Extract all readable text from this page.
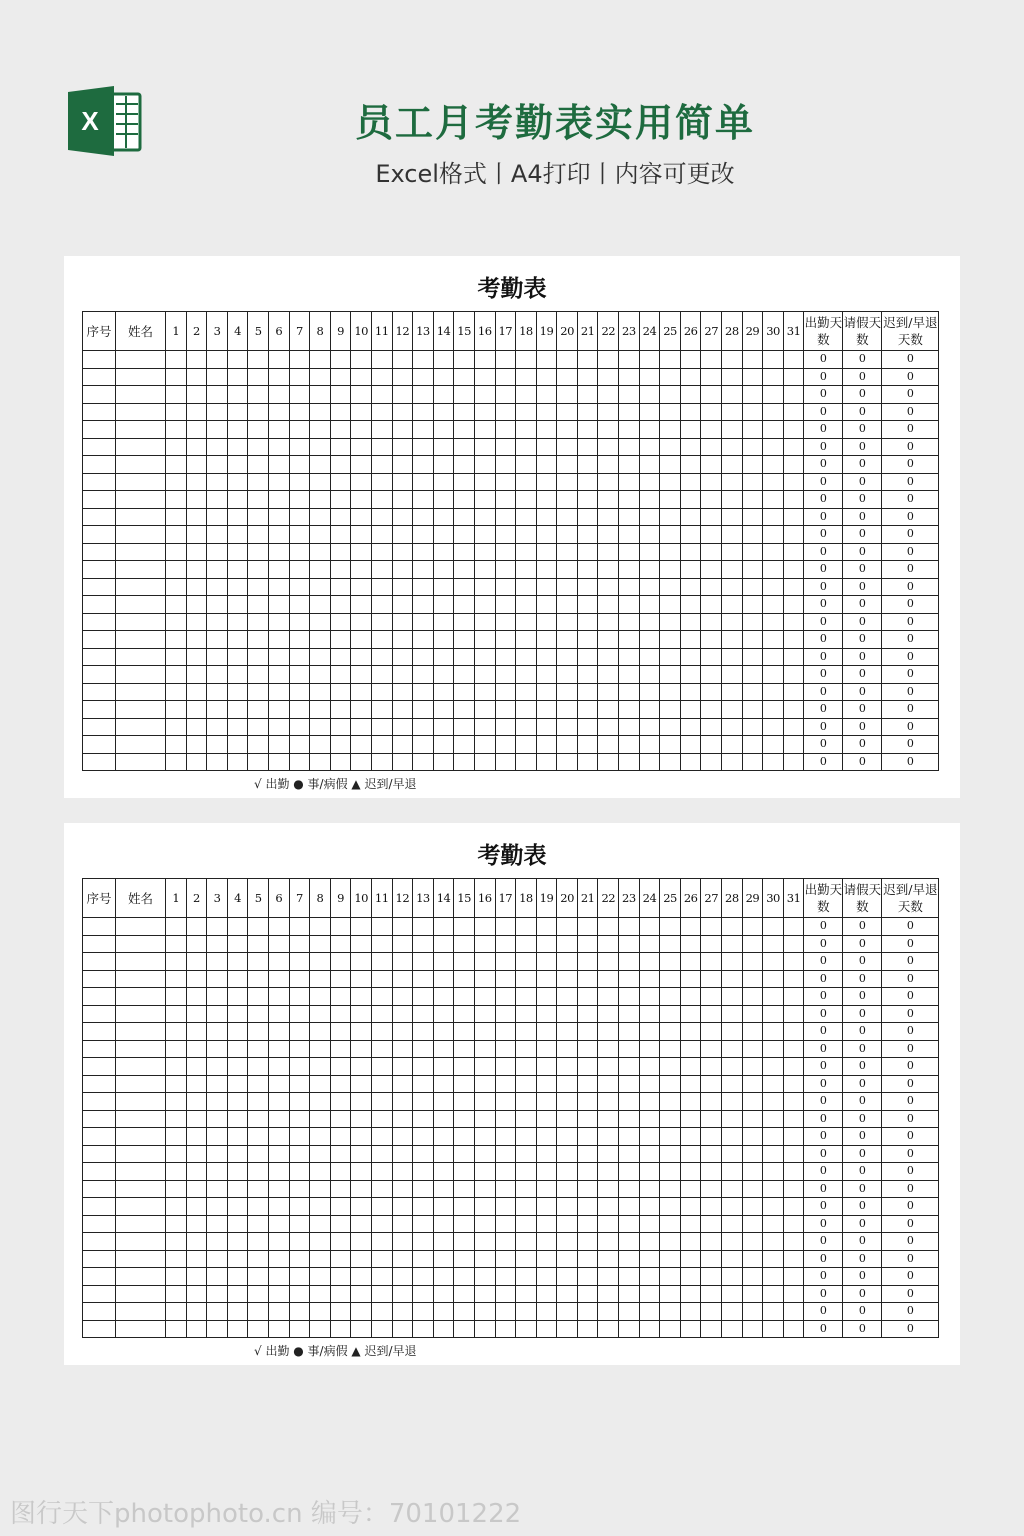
X	员工月考勤表实用简单
Excel格式丨A4打印丨内容可更改
考勤表
序号	姓名	1	2	3	4	5	6	7	8	9	10	11	12	13	14	15	16	17	18	19	20	21	22	23	24	25	26	27	28	29	30	31	出勤天数	请假天数	迟到/早退天数
																																	0	0	0
																																	0	0	0
																																	0	0	0
																																	0	0	0
																																	0	0	0
																																	0	0	0
																																	0	0	0
																																	0	0	0
																																	0	0	0
																																	0	0	0
																																	0	0	0
																																	0	0	0
																																	0	0	0
																																	0	0	0
																																	0	0	0
																																	0	0	0
																																	0	0	0
																																	0	0	0
																																	0	0	0
																																	0	0	0
																																	0	0	0
																																	0	0	0
																																	0	0	0
																																	0	0	0
√ 出勤 ● 事/病假 ▲ 迟到/早退
考勤表
序号	姓名	1	2	3	4	5	6	7	8	9	10	11	12	13	14	15	16	17	18	19	20	21	22	23	24	25	26	27	28	29	30	31	出勤天数	请假天数	迟到/早退天数
																																	0	0	0
																																	0	0	0
																																	0	0	0
																																	0	0	0
																																	0	0	0
																																	0	0	0
																																	0	0	0
																																	0	0	0
																																	0	0	0
																																	0	0	0
																																	0	0	0
																																	0	0	0
																																	0	0	0
																																	0	0	0
																																	0	0	0
																																	0	0	0
																																	0	0	0
																																	0	0	0
																																	0	0	0
																																	0	0	0
																																	0	0	0
																																	0	0	0
																																	0	0	0
																																	0	0	0
√ 出勤 ● 事/病假 ▲ 迟到/早退
图行天下photophoto.cn 编号：70101222
